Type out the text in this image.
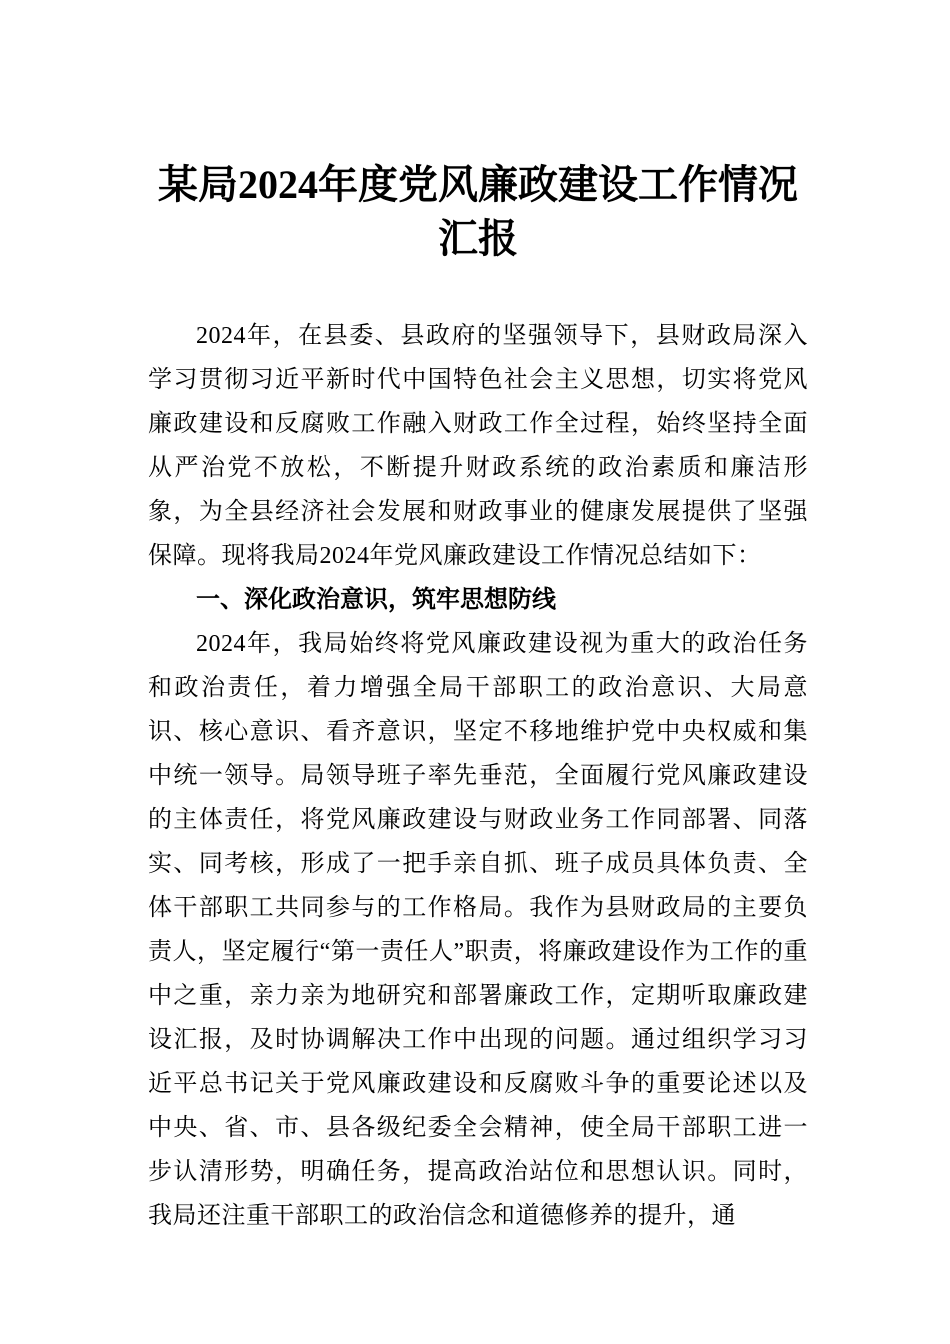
某局2024年度党风廉政建设工作情况汇报

2024年，在县委、县政府的坚强领导下，县财政局深入学习贯彻习近平新时代中国特色社会主义思想，切实将党风廉政建设和反腐败工作融入财政工作全过程，始终坚持全面从严治党不放松，不断提升财政系统的政治素质和廉洁形象，为全县经济社会发展和财政事业的健康发展提供了坚强保障。现将我局2024年党风廉政建设工作情况总结如下：

一、深化政治意识，筑牢思想防线

2024年，我局始终将党风廉政建设视为重大的政治任务和政治责任，着力增强全局干部职工的政治意识、大局意识、核心意识、看齐意识，坚定不移地维护党中央权威和集中统一领导。局领导班子率先垂范，全面履行党风廉政建设的主体责任，将党风廉政建设与财政业务工作同部署、同落实、同考核，形成了一把手亲自抓、班子成员具体负责、全体干部职工共同参与的工作格局。我作为县财政局的主要负责人，坚定履行“第一责任人”职责，将廉政建设作为工作的重中之重，亲力亲为地研究和部署廉政工作，定期听取廉政建设汇报，及时协调解决工作中出现的问题。通过组织学习习近平总书记关于党风廉政建设和反腐败斗争的重要论述以及中央、省、市、县各级纪委全会精神，使全局干部职工进一步认清形势，明确任务，提高政治站位和思想认识。同时，我局还注重干部职工的政治信念和道德修养的提升，通
